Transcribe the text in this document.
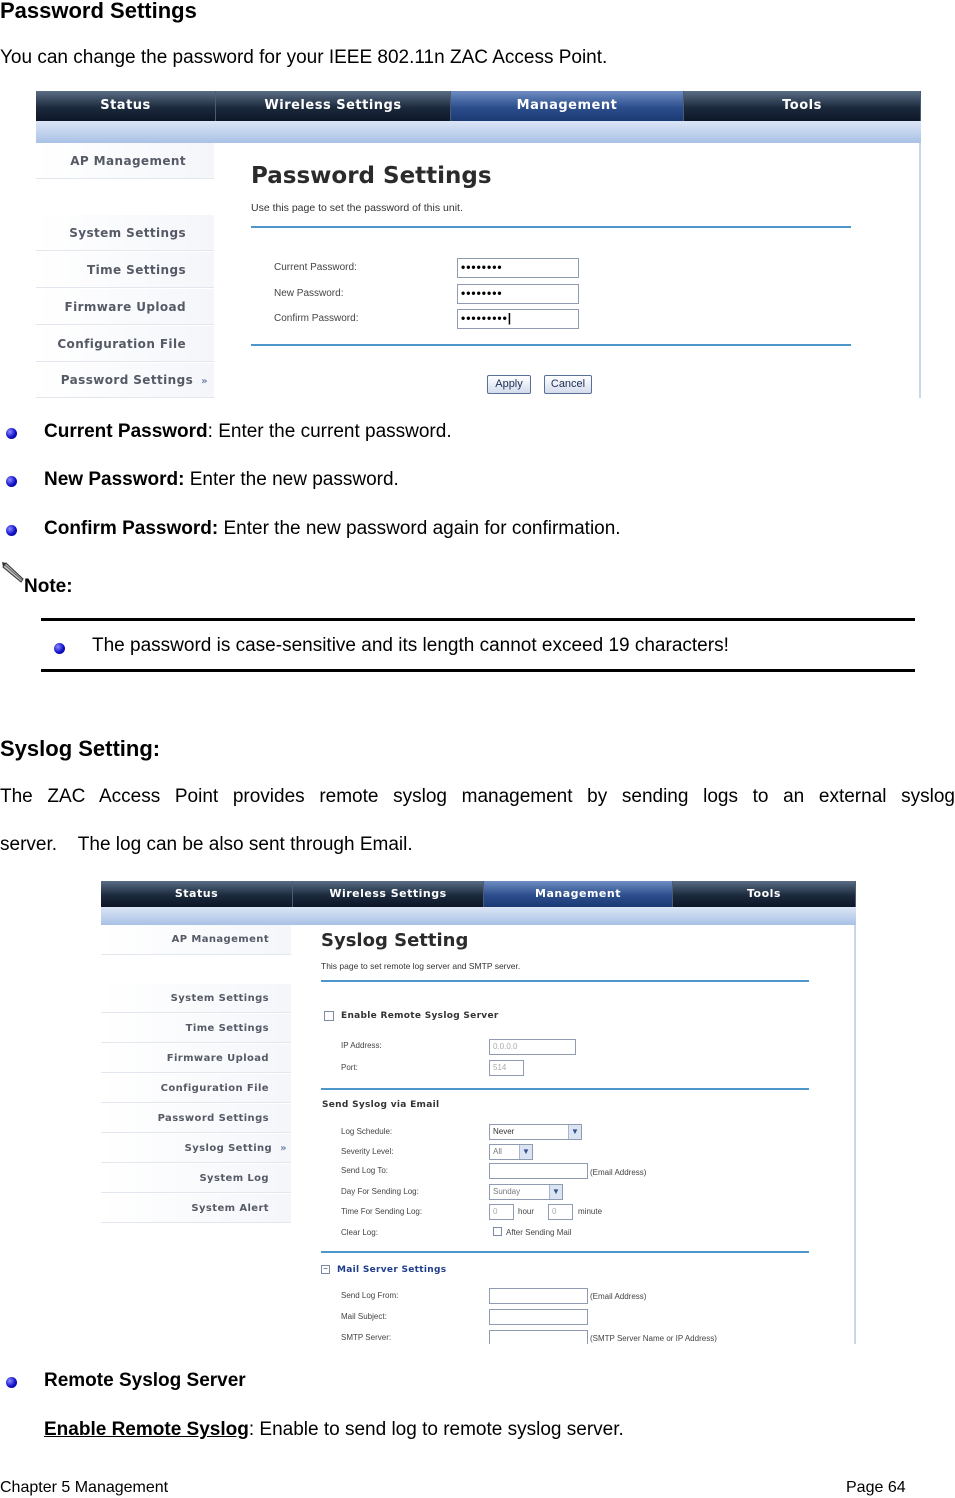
Password Settings
You can change the password for your IEEE 802.11n ZAC Access Point.
Status	Wireless Settings	Management	Tools
AP Management
System Settings
Time Settings
Firmware Upload
Configuration File
Password Settings »
Password Settings
Use this page to set the password of this unit.
Current Password:	••••••••
New Password:	••••••••
Confirm Password:	•••••••••|
Apply	Cancel
Current Password: Enter the current password.
New Password: Enter the new password.
Confirm Password: Enter the new password again for confirmation.
Note:
The password is case-sensitive and its length cannot exceed 19 characters!
Syslog Setting:
The ZAC Access Point provides remote syslog management by sending logs to an external syslog
server.    The log can be also sent through Email.
Status	Wireless Settings	Management	Tools
AP Management
System Settings
Time Settings
Firmware Upload
Configuration File
Password Settings
Syslog Setting »
System Log
System Alert
Syslog Setting
This page to set remote log server and SMTP server.
Enable Remote Syslog Server
IP Address:	0.0.0.0
Port:	514
Send Syslog via Email
Log Schedule:	Never	▼
Severity Level:	All	▼
Send Log To:	(Email Address)
Day For Sending Log:	Sunday	▼
Time For Sending Log:	0	hour	0	minute
Clear Log:	After Sending Mail
− Mail Server Settings
Send Log From:	(Email Address)
Mail Subject:
SMTP Server:	(SMTP Server Name or IP Address)
Remote Syslog Server
Enable Remote Syslog: Enable to send log to remote syslog server.
Chapter 5 Management	Page 64
